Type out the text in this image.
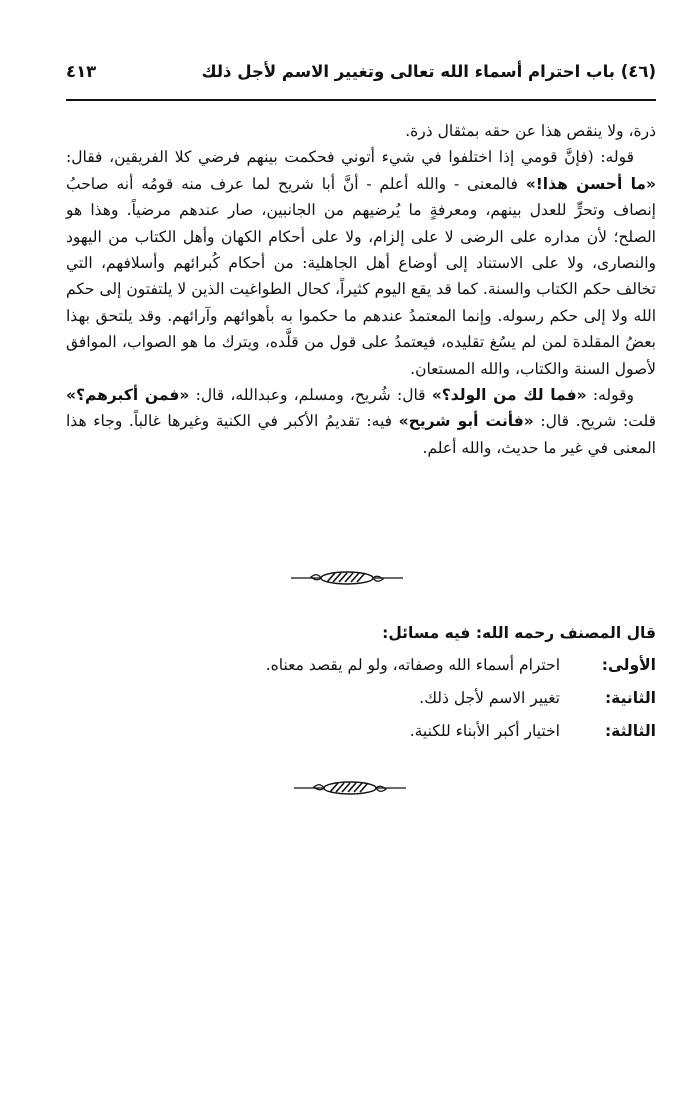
(٤٦) باب احترام أسماء الله تعالى وتغيير الاسم لأجل ذلك
٤١٣

ذرة، ولا ينقص هذا عن حقه بمثقال ذرة.

قوله: (فإنَّ قومي إذا اختلفوا في شيء أتوني فحكمت بينهم فرضي كلا الفريقين، فقال: «ما أحسن هذا!» فالمعنى - والله أعلم - أنَّ أبا شريح لما عرف منه قومُه أنه صاحبُ إنصاف وتحرٍّ للعدل بينهم، ومعرفةٍ ما يُرضيهم من الجانبين، صار عندهم مرضياً. وهذا هو الصلح؛ لأن مداره على الرضى لا على إلزام، ولا على أحكام الكهان وأهل الكتاب من اليهود والنصارى، ولا على الاستناد إلى أوضاع أهل الجاهلية: من أحكام كُبرائهم وأسلافهم، التي تخالف حكم الكتاب والسنة. كما قد يقع اليوم كثيراً، كحال الطواغيت الذين لا يلتفتون إلى حكم الله ولا إلى حكم رسوله. وإنما المعتمدُ عندهم ما حكموا به بأهوائهم وآرائهم. وقد يلتحق بهذا بعضُ المقلدة لمن لم يسُغ تقليده، فيعتمدُ على قول من قلَّده، ويترك ما هو الصواب، الموافق لأصول السنة والكتاب، والله المستعان.

وقوله: «فما لك من الولد؟» قال: شُريح، ومسلم، وعبدالله، قال: «فمن أكبرهم؟» قلت: شريح. قال: «فأنت أبو شريح» فيه: تقديمُ الأكبر في الكنية وغيرها غالباً. وجاء هذا المعنى في غير ما حديث، والله أعلم.

قال المصنف رحمه الله: فيه مسائل:
الأولى:
احترام أسماء الله وصفاته، ولو لم يقصد معناه.
الثانية:
تغيير الاسم لأجل ذلك.
الثالثة:
اختيار أكبر الأبناء للكنية.
